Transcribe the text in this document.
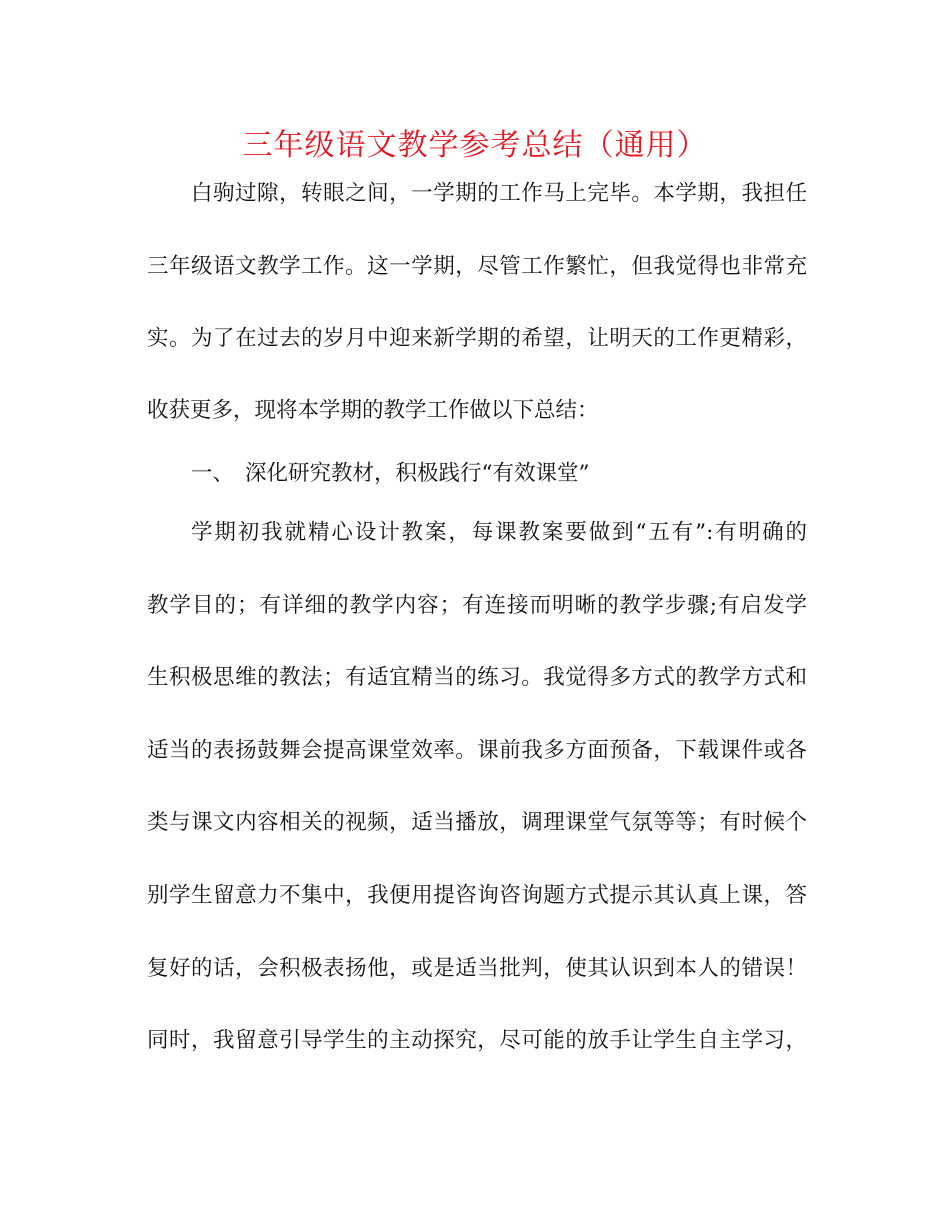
三年级语文教学参考总结（通用）

白驹过隙，转眼之间，一学期的工作马上完毕。本学期，我担任

三年级语文教学工作。这一学期，尽管工作繁忙，但我觉得也非常充

实。为了在过去的岁月中迎来新学期的希望，让明天的工作更精彩，

收获更多，现将本学期的教学工作做以下总结：

一、 深化研究教材，积极践行“有效课堂”

学期初我就精心设计教案，每课教案要做到“五有”:有明确的

教学目的；有详细的教学内容；有连接而明晰的教学步骤;有启发学

生积极思维的教法；有适宜精当的练习。我觉得多方式的教学方式和

适当的表扬鼓舞会提高课堂效率。课前我多方面预备，下载课件或各

类与课文内容相关的视频，适当播放，调理课堂气氛等等；有时候个

别学生留意力不集中，我便用提咨询咨询题方式提示其认真上课，答

复好的话，会积极表扬他，或是适当批判，使其认识到本人的错误！

同时，我留意引导学生的主动探究，尽可能的放手让学生自主学习，
